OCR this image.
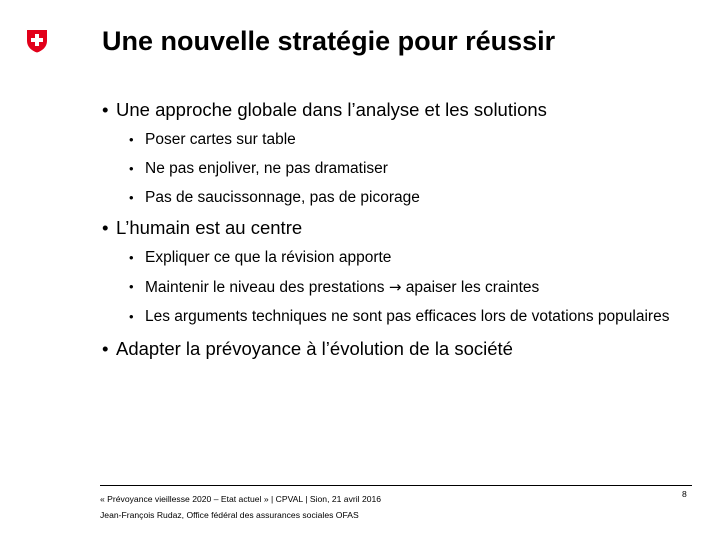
Une nouvelle stratégie pour réussir
• Une approche globale dans l’analyse et les solutions
• Poser cartes sur table
• Ne pas enjoliver, ne pas dramatiser
• Pas de saucissonnage, pas de picorage
• L’humain est au centre
• Expliquer ce que la révision apporte
• Maintenir le niveau des prestations → apaiser les craintes
• Les arguments techniques ne sont pas efficaces lors de votations populaires
• Adapter la prévoyance à l’évolution de la société
« Prévoyance vieillesse 2020 – Etat actuel » | CPVAL | Sion, 21 avril 2016
Jean-François Rudaz, Office fédéral des assurances sociales OFAS
8
